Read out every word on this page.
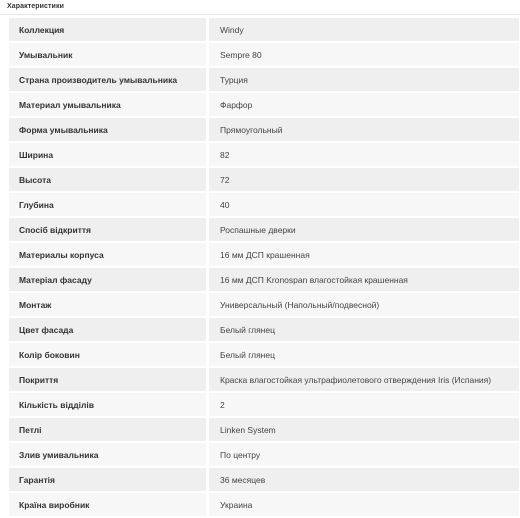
Характеристики
Коллекция	Windy
Умывальник	Sempre 80
Страна производитель умывальника	Турция
Материал умывальника	Фарфор
Форма умывальника	Прямоугольный
Ширина	82
Высота	72
Глубина	40
Спосіб відкриття	Роспашные дверки
Материалы корпуса	16 мм ДСП крашенная
Матеріал фасаду	16 мм ДСП Kronospan влагостойкая крашенная
Монтаж	Универсальный (Напольный/подвесной)
Цвет фасада	Белый глянец
Колір боковин	Белый глянец
Покриття	Краска влагостойкая ультрафиолетового отверждения Iris (Испания)
Кількість відділів	2
Петлі	Linken System
Злив умивальника	По центру
Гарантія	36 месяцев
Країна виробник	Украина
